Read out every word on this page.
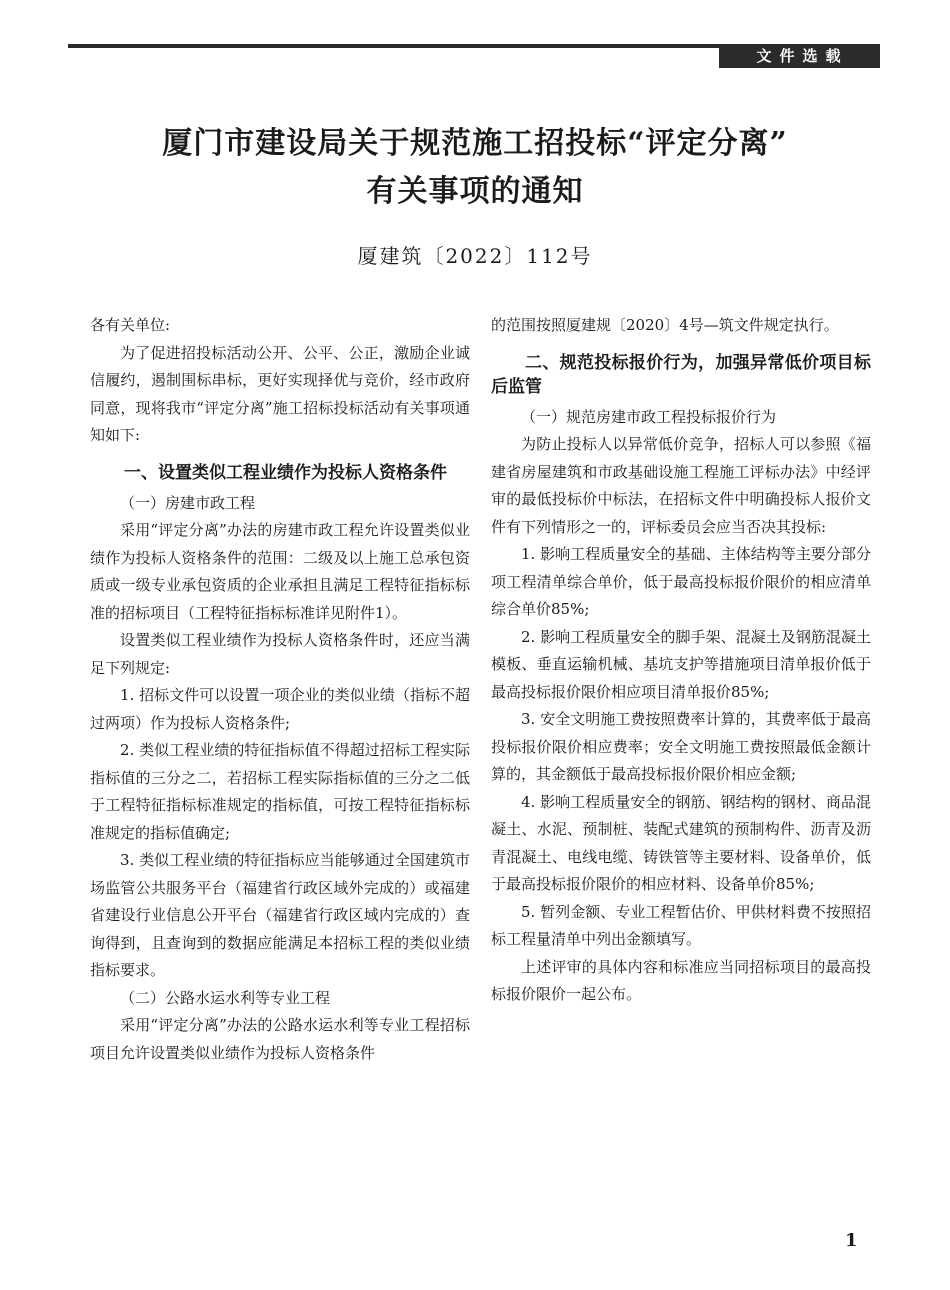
文件选载
厦门市建设局关于规范施工招投标“评定分离”
有关事项的通知
厦建筑〔2022〕112号

各有关单位:

为了促进招投标活动公开、公平、公正，激励企业诚信履约，遏制围标串标，更好实现择优与竞价，经市政府同意，现将我市“评定分离”施工招标投标活动有关事项通知如下:

一、设置类似工程业绩作为投标人资格条件

（一）房建市政工程

采用“评定分离”办法的房建市政工程允许设置类似业绩作为投标人资格条件的范围：二级及以上施工总承包资质或一级专业承包资质的企业承担且满足工程特征指标标准的招标项目（工程特征指标标准详见附件1）。

设置类似工程业绩作为投标人资格条件时，还应当满足下列规定:

1. 招标文件可以设置一项企业的类似业绩（指标不超过两项）作为投标人资格条件;

2. 类似工程业绩的特征指标值不得超过招标工程实际指标值的三分之二，若招标工程实际指标值的三分之二低于工程特征指标标准规定的指标值，可按工程特征指标标准规定的指标值确定;

3. 类似工程业绩的特征指标应当能够通过全国建筑市场监管公共服务平台（福建省行政区域外完成的）或福建省建设行业信息公开平台（福建省行政区域内完成的）查询得到，且查询到的数据应能满足本招标工程的类似业绩指标要求。

（二）公路水运水利等专业工程

采用“评定分离”办法的公路水运水利等专业工程招标项目允许设置类似业绩作为投标人资格条件

的范围按照厦建规〔2020〕4号—筑文件规定执行。

二、规范投标报价行为，加强异常低价项目标后监管

（一）规范房建市政工程投标报价行为

为防止投标人以异常低价竞争，招标人可以参照《福建省房屋建筑和市政基础设施工程施工评标办法》中经评审的最低投标价中标法，在招标文件中明确投标人报价文件有下列情形之一的，评标委员会应当否决其投标:

1. 影响工程质量安全的基础、主体结构等主要分部分项工程清单综合单价，低于最高投标报价限价的相应清单综合单价85%;

2. 影响工程质量安全的脚手架、混凝土及钢筋混凝土模板、垂直运输机械、基坑支护等措施项目清单报价低于最高投标报价限价相应项目清单报价85%;

3. 安全文明施工费按照费率计算的，其费率低于最高投标报价限价相应费率；安全文明施工费按照最低金额计算的，其金额低于最高投标报价限价相应金额;

4. 影响工程质量安全的钢筋、钢结构的钢材、商品混凝土、水泥、预制桩、装配式建筑的预制构件、沥青及沥青混凝土、电线电缆、铸铁管等主要材料、设备单价，低于最高投标报价限价的相应材料、设备单价85%;

5. 暂列金额、专业工程暂估价、甲供材料费不按照招标工程量清单中列出金额填写。

上述评审的具体内容和标准应当同招标项目的最高投标报价限价一起公布。

1
